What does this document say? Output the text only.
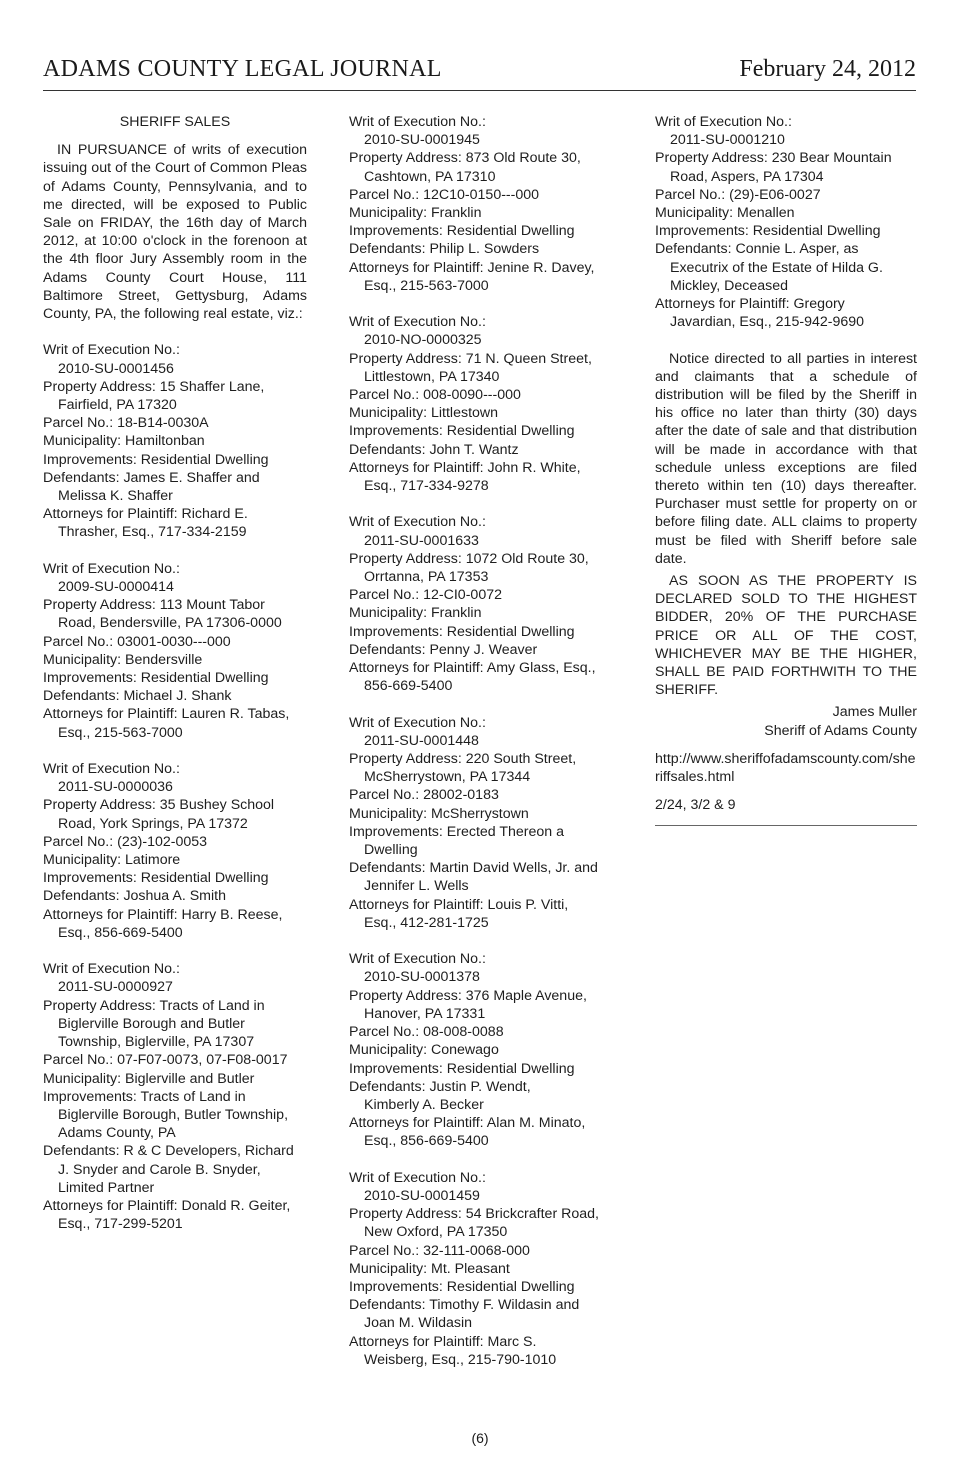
ADAMS COUNTY LEGAL JOURNAL	February 24, 2012
SHERIFF SALES

IN PURSUANCE of writs of execution issuing out of the Court of Common Pleas of Adams County, Pennsylvania, and to me directed, will be exposed to Public Sale on FRIDAY, the 16th day of March 2012, at 10:00 o'clock in the forenoon at the 4th floor Jury Assembly room in the Adams County Court House, 111 Baltimore Street, Gettysburg, Adams County, PA, the following real estate, viz.:

Writ of Execution No.:
2010-SU-0001456
Property Address: 15 Shaffer Lane,
Fairfield, PA 17320
Parcel No.: 18-B14-0030A
Municipality: Hamiltonban
Improvements: Residential Dwelling
Defendants: James E. Shaffer and
Melissa K. Shaffer
Attorneys for Plaintiff: Richard E.
Thrasher, Esq., 717-334-2159
Writ of Execution No.:
2009-SU-0000414
Property Address: 113 Mount Tabor
Road, Bendersville, PA 17306-0000
Parcel No.: 03001-0030---000
Municipality: Bendersville
Improvements: Residential Dwelling
Defendants: Michael J. Shank
Attorneys for Plaintiff: Lauren R. Tabas,
Esq., 215-563-7000
Writ of Execution No.:
2011-SU-0000036
Property Address: 35 Bushey School
Road, York Springs, PA 17372
Parcel No.: (23)-102-0053
Municipality: Latimore
Improvements: Residential Dwelling
Defendants: Joshua A. Smith
Attorneys for Plaintiff: Harry B. Reese,
Esq., 856-669-5400
Writ of Execution No.:
2011-SU-0000927
Property Address: Tracts of Land in
Biglerville Borough and Butler Township, Biglerville, PA 17307
Parcel No.: 07-F07-0073, 07-F08-0017
Municipality: Biglerville and Butler
Improvements: Tracts of Land in
Biglerville Borough, Butler Township, Adams County, PA
Defendants: R & C Developers, Richard
J. Snyder and Carole B. Snyder,
Limited Partner
Attorneys for Plaintiff: Donald R. Geiter,
Esq., 717-299-5201
Writ of Execution No.:
2010-SU-0001945
Property Address: 873 Old Route 30,
Cashtown, PA 17310
Parcel No.: 12C10-0150---000
Municipality: Franklin
Improvements: Residential Dwelling
Defendants: Philip L. Sowders
Attorneys for Plaintiff: Jenine R. Davey,
Esq., 215-563-7000
Writ of Execution No.:
2010-NO-0000325
Property Address: 71 N. Queen Street,
Littlestown, PA 17340
Parcel No.: 008-0090---000
Municipality: Littlestown
Improvements: Residential Dwelling
Defendants: John T. Wantz
Attorneys for Plaintiff: John R. White,
Esq., 717-334-9278
Writ of Execution No.:
2011-SU-0001633
Property Address: 1072 Old Route 30,
Orrtanna, PA 17353
Parcel No.: 12-CI0-0072
Municipality: Franklin
Improvements: Residential Dwelling
Defendants: Penny J. Weaver
Attorneys for Plaintiff: Amy Glass, Esq.,
856-669-5400
Writ of Execution No.:
2011-SU-0001448
Property Address: 220 South Street,
McSherrystown, PA 17344
Parcel No.: 28002-0183
Municipality: McSherrystown
Improvements: Erected Thereon a
Dwelling
Defendants: Martin David Wells, Jr. and
Jennifer L. Wells
Attorneys for Plaintiff: Louis P. Vitti,
Esq., 412-281-1725
Writ of Execution No.:
2010-SU-0001378
Property Address: 376 Maple Avenue,
Hanover, PA 17331
Parcel No.: 08-008-0088
Municipality: Conewago
Improvements: Residential Dwelling
Defendants: Justin P. Wendt,
Kimberly A. Becker
Attorneys for Plaintiff: Alan M. Minato,
Esq., 856-669-5400
Writ of Execution No.:
2010-SU-0001459
Property Address: 54 Brickcrafter Road,
New Oxford, PA 17350
Parcel No.: 32-111-0068-000
Municipality: Mt. Pleasant
Improvements: Residential Dwelling
Defendants: Timothy F. Wildasin and
Joan M. Wildasin
Attorneys for Plaintiff: Marc S.
Weisberg, Esq., 215-790-1010
Writ of Execution No.:
2011-SU-0001210
Property Address: 230 Bear Mountain
Road, Aspers, PA 17304
Parcel No.: (29)-E06-0027
Municipality: Menallen
Improvements: Residential Dwelling
Defendants: Connie L. Asper, as
Executrix of the Estate of Hilda G.
Mickley, Deceased
Attorneys for Plaintiff: Gregory
Javardian, Esq., 215-942-9690

Notice directed to all parties in interest and claimants that a schedule of distribution will be filed by the Sheriff in his office no later than thirty (30) days after the date of sale and that distribution will be made in accordance with that schedule unless exceptions are filed thereto within ten (10) days thereafter. Purchaser must settle for property on or before filing date. ALL claims to property must be filed with Sheriff before sale date.

AS SOON AS THE PROPERTY IS DECLARED SOLD TO THE HIGHEST BIDDER, 20% OF THE PURCHASE PRICE OR ALL OF THE COST, WHICHEVER MAY BE THE HIGHER, SHALL BE PAID FORTHWITH TO THE SHERIFF.

James Muller
Sheriff of Adams County
http://www.sheriffofadamscounty.com/sheriffsales.html
2/24, 3/2 & 9
(6)
